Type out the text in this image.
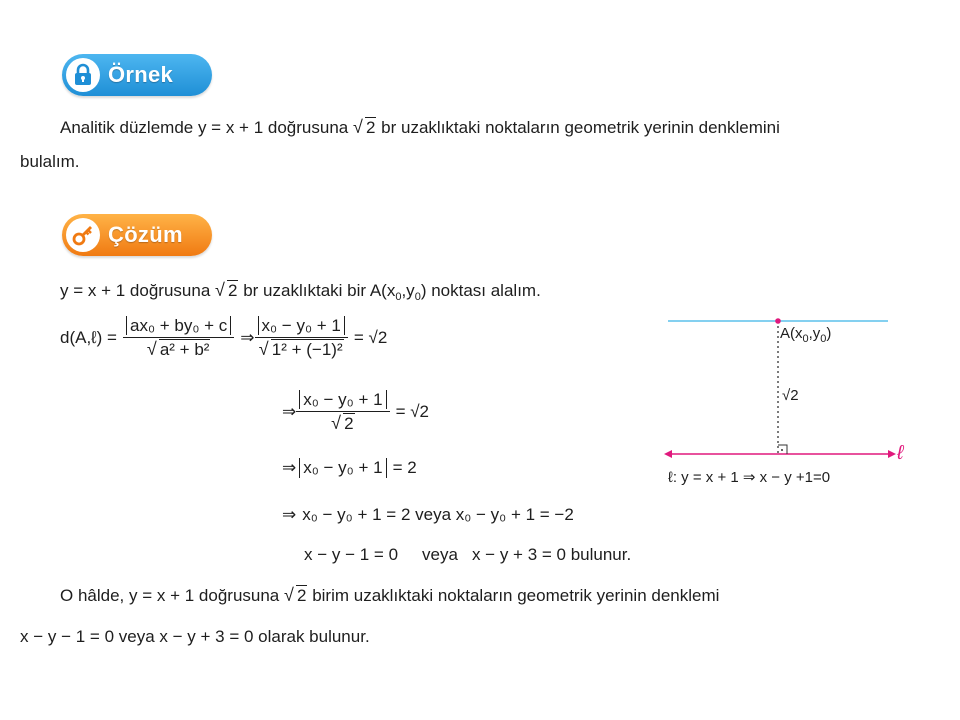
Örnek
Analitik düzlemde y = x + 1 doğrusuna √ 2 br uzaklıktaki noktaların geometrik yerinin denklemini
bulalım.
Çözüm
y = x + 1 doğrusuna √ 2 br uzaklıktaki bir $A(x_0,y_0)$ noktası alalım.
d(A,ℓ) = $\frac{\text{ax₀ + by₀ + c}}{\text{√ a² + b²}}$ ⇒ $\frac{\text{x₀ − y₀ + 1}}{\text{√ 1² + (−1)²}} = √2$
⇒ $\frac{\text{x₀ − y₀ + 1}}{√ 2} = √2$
⇒ x₀ − y₀ + 1 = 2
⇒ x₀ − y₀ + 1 = 2 veya x₀ − y₀ + 1 = −2
x − y − 1 = 0 veya x − y + 3 = 0 bulunur.
O hâlde, y = x + 1 doğrusuna √ 2 birim uzaklıktaki noktaların geometrik yerinin denklemi
x − y − 1 = 0 veya x − y + 3 = 0 olarak bulunur.
$A(x_0,y_0)$
√2
ℓ
ℓ: y = x + 1 ⇒ x − y +1=0
